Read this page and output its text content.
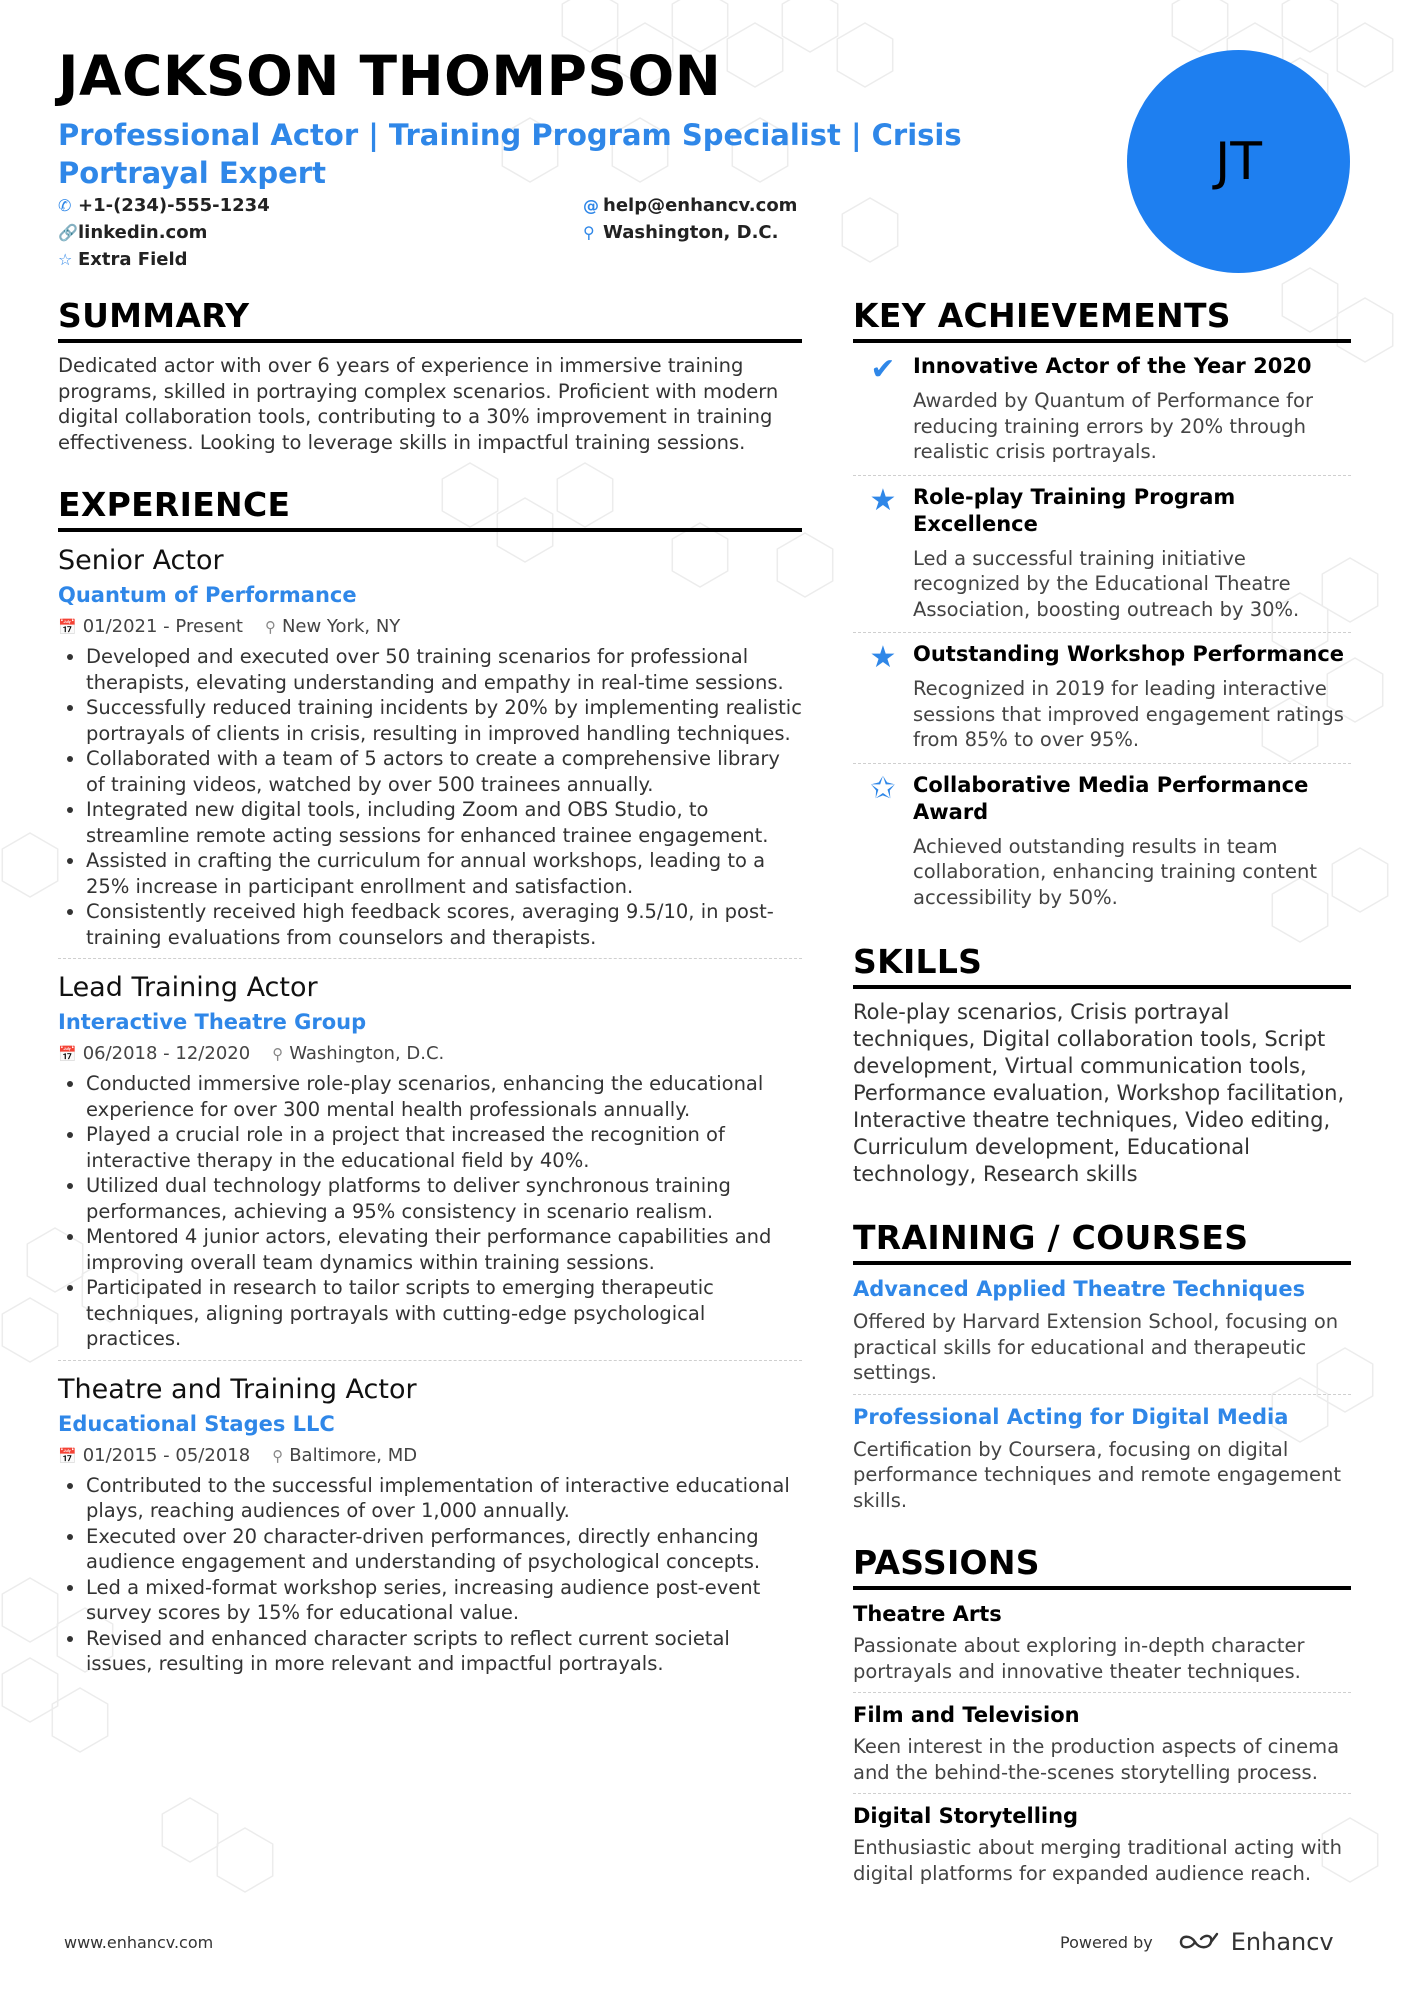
JACKSON THOMPSON
Professional Actor | Training Program Specialist | Crisis Portrayal Expert
✆ +1-(234)-555-1234	@ help@enhancv.com
🔗linkedin.com	⚲ Washington, D.C.
☆ Extra Field
JT
SUMMARY
Dedicated actor with over 6 years of experience in immersive training programs, skilled in portraying complex scenarios. Proficient with modern digital collaboration tools, contributing to a 30% improvement in training effectiveness. Looking to leverage skills in impactful training sessions.
EXPERIENCE
Senior Actor
Quantum of Performance
📅 01/2021 - Present ⚲ New York, NY
• Developed and executed over 50 training scenarios for professional therapists, elevating understanding and empathy in real-time sessions.
• Successfully reduced training incidents by 20% by implementing realistic portrayals of clients in crisis, resulting in improved handling techniques.
• Collaborated with a team of 5 actors to create a comprehensive library of training videos, watched by over 500 trainees annually.
• Integrated new digital tools, including Zoom and OBS Studio, to streamline remote acting sessions for enhanced trainee engagement.
• Assisted in crafting the curriculum for annual workshops, leading to a 25% increase in participant enrollment and satisfaction.
• Consistently received high feedback scores, averaging 9.5/10, in post-training evaluations from counselors and therapists.
Lead Training Actor
Interactive Theatre Group
📅 06/2018 - 12/2020 ⚲ Washington, D.C.
• Conducted immersive role-play scenarios, enhancing the educational experience for over 300 mental health professionals annually.
• Played a crucial role in a project that increased the recognition of interactive therapy in the educational field by 40%.
• Utilized dual technology platforms to deliver synchronous training performances, achieving a 95% consistency in scenario realism.
• Mentored 4 junior actors, elevating their performance capabilities and improving overall team dynamics within training sessions.
• Participated in research to tailor scripts to emerging therapeutic techniques, aligning portrayals with cutting-edge psychological practices.
Theatre and Training Actor
Educational Stages LLC
📅 01/2015 - 05/2018 ⚲ Baltimore, MD
• Contributed to the successful implementation of interactive educational plays, reaching audiences of over 1,000 annually.
• Executed over 20 character-driven performances, directly enhancing audience engagement and understanding of psychological concepts.
• Led a mixed-format workshop series, increasing audience post-event survey scores by 15% for educational value.
• Revised and enhanced character scripts to reflect current societal issues, resulting in more relevant and impactful portrayals.
KEY ACHIEVEMENTS
✔ Innovative Actor of the Year 2020
Awarded by Quantum of Performance for reducing training errors by 20% through realistic crisis portrayals.
★ Role-play Training Program Excellence
Led a successful training initiative recognized by the Educational Theatre Association, boosting outreach by 30%.
★ Outstanding Workshop Performance
Recognized in 2019 for leading interactive sessions that improved engagement ratings from 85% to over 95%.
✩ Collaborative Media Performance Award
Achieved outstanding results in team collaboration, enhancing training content accessibility by 50%.
SKILLS
Role-play scenarios, Crisis portrayal techniques, Digital collaboration tools, Script development, Virtual communication tools, Performance evaluation, Workshop facilitation, Interactive theatre techniques, Video editing, Curriculum development, Educational technology, Research skills
TRAINING / COURSES
Advanced Applied Theatre Techniques
Offered by Harvard Extension School, focusing on practical skills for educational and therapeutic settings.
Professional Acting for Digital Media
Certification by Coursera, focusing on digital performance techniques and remote engagement skills.
PASSIONS
Theatre Arts
Passionate about exploring in-depth character portrayals and innovative theater techniques.
Film and Television
Keen interest in the production aspects of cinema and the behind-the-scenes storytelling process.
Digital Storytelling
Enthusiastic about merging traditional acting with digital platforms for expanded audience reach.
www.enhancv.com	Powered by	Enhancv
